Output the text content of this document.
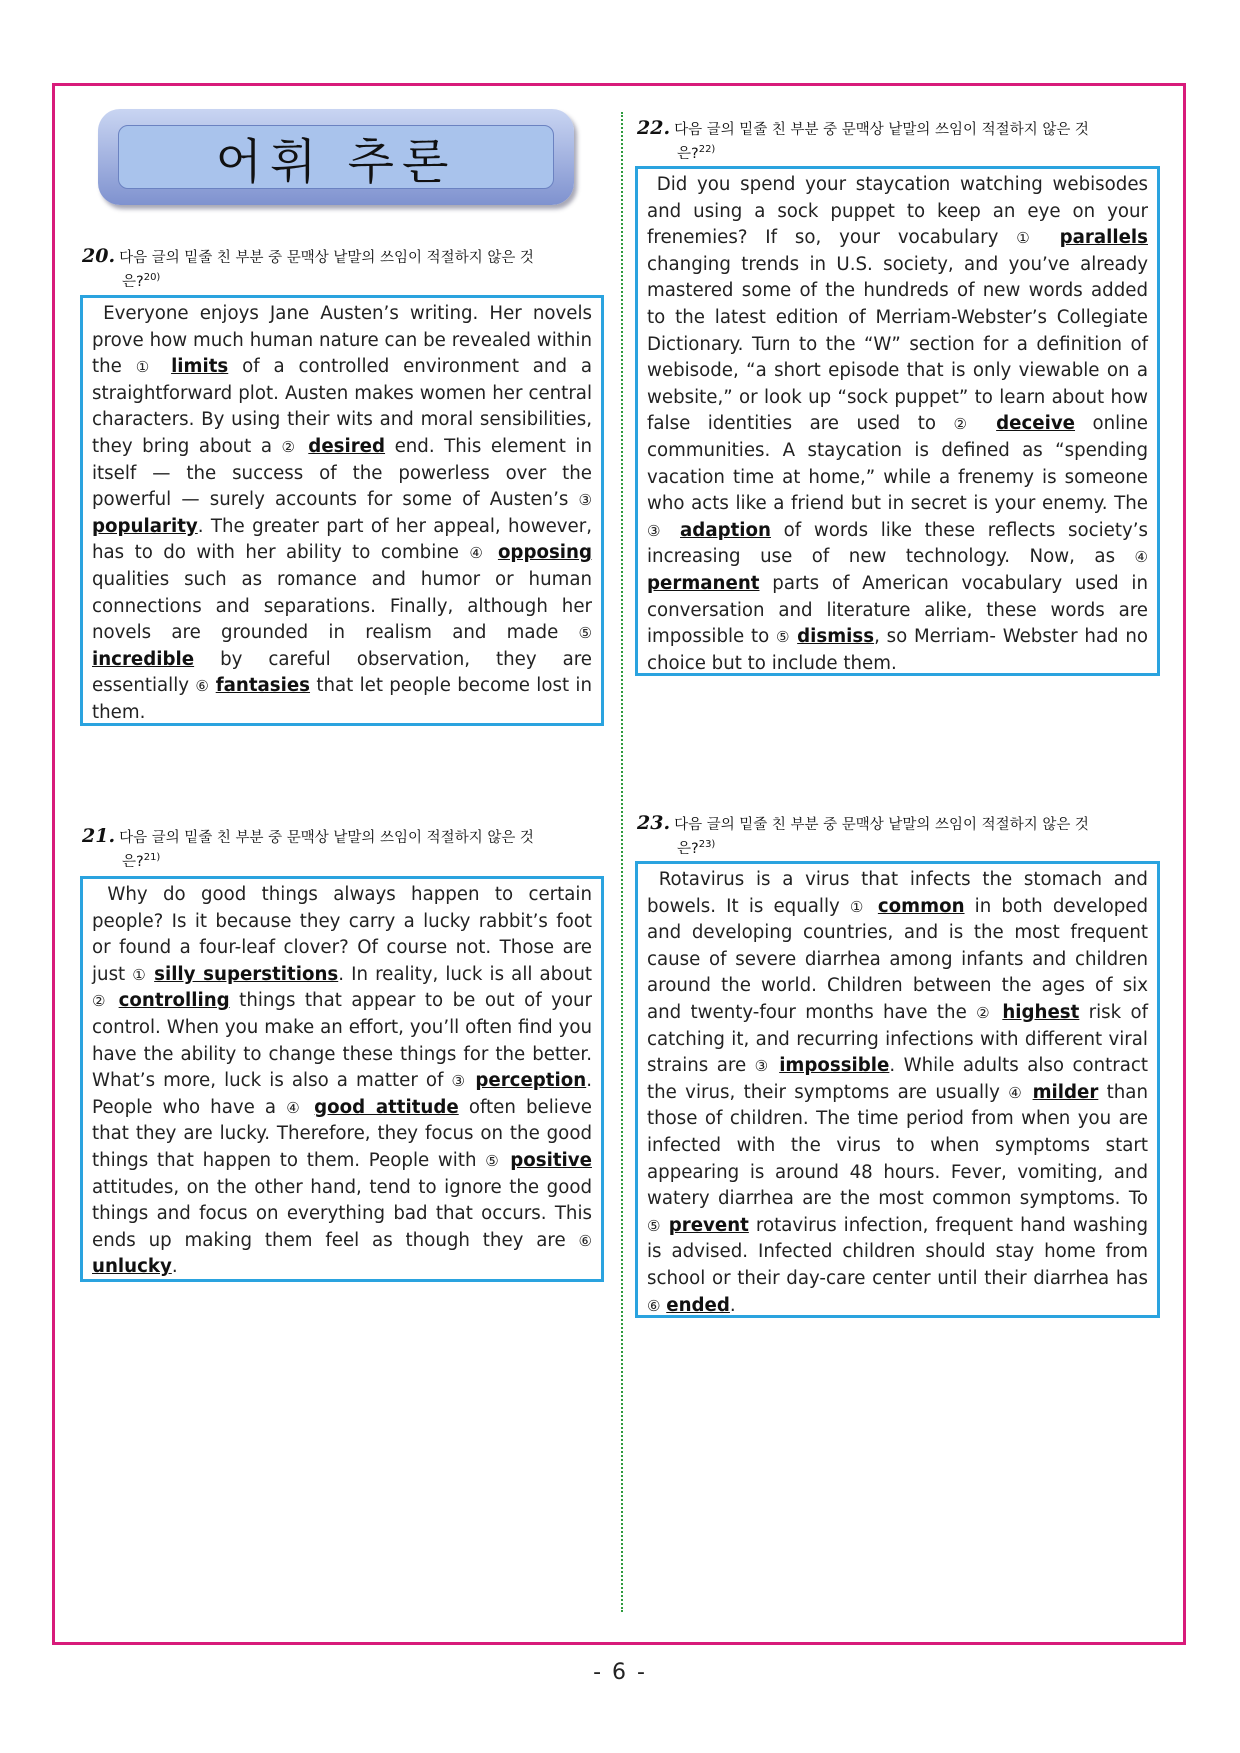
어휘 추론
20. 다음 글의 밑줄 친 부분 중 문맥상 낱말의 쓰임이 적절하지 않은 것
은?$^{20)}$

Everyone enjoys Jane Austen’s writing. Her novels prove how much human nature can be revealed within the ① limits of a controlled environment and a straightforward plot. Austen makes women her central characters. By using their wits and moral sensibilities, they bring about a ② desired end. This element in itself — the success of the powerless over the powerful — surely accounts for some of Austen’s ③ popularity. The greater part of her appeal, however, has to do with her ability to combine ④ opposing qualities such as romance and humor or human connections and separations. Finally, although her novels are grounded in realism and made ⑤ incredible by careful observation, they are essentially ⑥ fantasies that let people become lost in them.

21. 다음 글의 밑줄 친 부분 중 문맥상 낱말의 쓰임이 적절하지 않은 것
은?$^{21)}$

Why do good things always happen to certain people? Is it because they carry a lucky rabbit’s foot or found a four-leaf clover? Of course not. Those are just ① silly superstitions. In reality, luck is all about ② controlling things that appear to be out of your control. When you make an effort, you’ll often find you have the ability to change these things for the better. What’s more, luck is also a matter of ③ perception. People who have a ④ good attitude often believe that they are lucky. Therefore, they focus on the good things that happen to them. People with ⑤ positive attitudes, on the other hand, tend to ignore the good things and focus on everything bad that occurs. This ends up making them feel as though they are ⑥ unlucky.

22. 다음 글의 밑줄 친 부분 중 문맥상 낱말의 쓰임이 적절하지 않은 것
은?$^{22)}$

Did you spend your staycation watching webisodes and using a sock puppet to keep an eye on your frenemies? If so, your vocabulary ① parallels changing trends in U.S. society, and you’ve already mastered some of the hundreds of new words added to the latest edition of Merriam-Webster’s Collegiate Dictionary. Turn to the “W” section for a definition of webisode, “a short episode that is only viewable on a website,” or look up “sock puppet” to learn about how false identities are used to ② deceive online communities. A staycation is defined as “spending vacation time at home,” while a frenemy is someone who acts like a friend but in secret is your enemy. The ③ adaption of words like these reflects society’s increasing use of new technology. Now, as ④ permanent parts of American vocabulary used in conversation and literature alike, these words are impossible to ⑤ dismiss, so Merriam- Webster had no choice but to include them.

23. 다음 글의 밑줄 친 부분 중 문맥상 낱말의 쓰임이 적절하지 않은 것
은?$^{23)}$

Rotavirus is a virus that infects the stomach and bowels. It is equally ① common in both developed and developing countries, and is the most frequent cause of severe diarrhea among infants and children around the world. Children between the ages of six and twenty-four months have the ② highest risk of catching it, and recurring infections with different viral strains are ③ impossible. While adults also contract the virus, their symptoms are usually ④ milder than those of children. The time period from when you are infected with the virus to when symptoms start appearing is around 48 hours. Fever, vomiting, and watery diarrhea are the most common symptoms. To ⑤ prevent rotavirus infection, frequent hand washing is advised. Infected children should stay home from school or their day-care center until their diarrhea has ⑥ ended.

- 6 -
